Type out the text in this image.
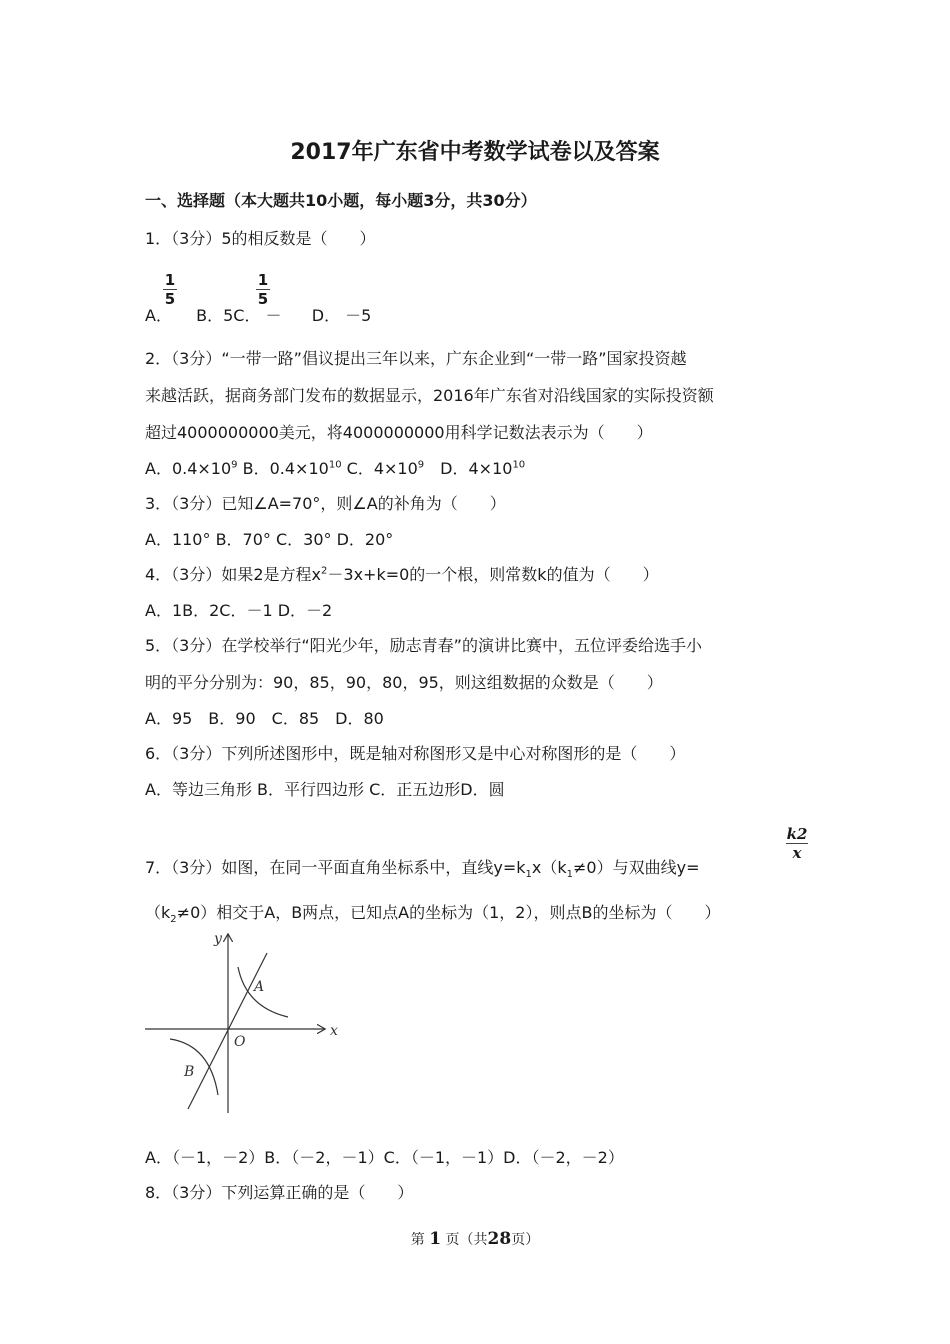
2017年广东省中考数学试卷以及答案
一、选择题（本大题共10小题，每小题3分，共30分）
1．（3分）5的相反数是（　　）
A． B．5C． － D． －5
1
5
1
5
2．（3分）“一带一路”倡议提出三年以来，广东企业到“一带一路”国家投资越
来越活跃，据商务部门发布的数据显示，2016年广东省对沿线国家的实际投资额
超过4000000000美元，将4000000000用科学记数法表示为（　　）
A．$0.4\times 10^9$ B．$0.4\times 10^{10}$ C．$4\times 10^9$　D．$4\times 10^{10}$
3．（3分）已知∠A=70°，则∠A的补角为（　　）
A．110° B．70° C．30° D．20°
4．（3分）如果2是方程$x^2-3x+k=0$的一个根，则常数k的值为（　　）
A．1B．2C．－1 D．－2
5．（3分）在学校举行“阳光少年，励志青春”的演讲比赛中，五位评委给选手小
明的平分分别为：90，85，90，80，95，则这组数据的众数是（　　）
A．95　B．90　C．85　D．80
6．（3分）下列所述图形中，既是轴对称图形又是中心对称图形的是（　　）
A．等边三角形 B．平行四边形 C．正五边形D．圆
7．（3分）如图，在同一平面直角坐标系中，直线$y=k_1x(k_1\ne 0)$与双曲线y=
k2
x
$(k_2\ne 0)$相交于A，B两点，已知点A的坐标为（1，2），则点B的坐标为（　　）
y
x
O
A
B
A．（－1，－2）B．（－2，－1）C．（－1，－1）D．（－2，－2）
8．（3分）下列运算正确的是（　　）
第 1 页（共28页）
